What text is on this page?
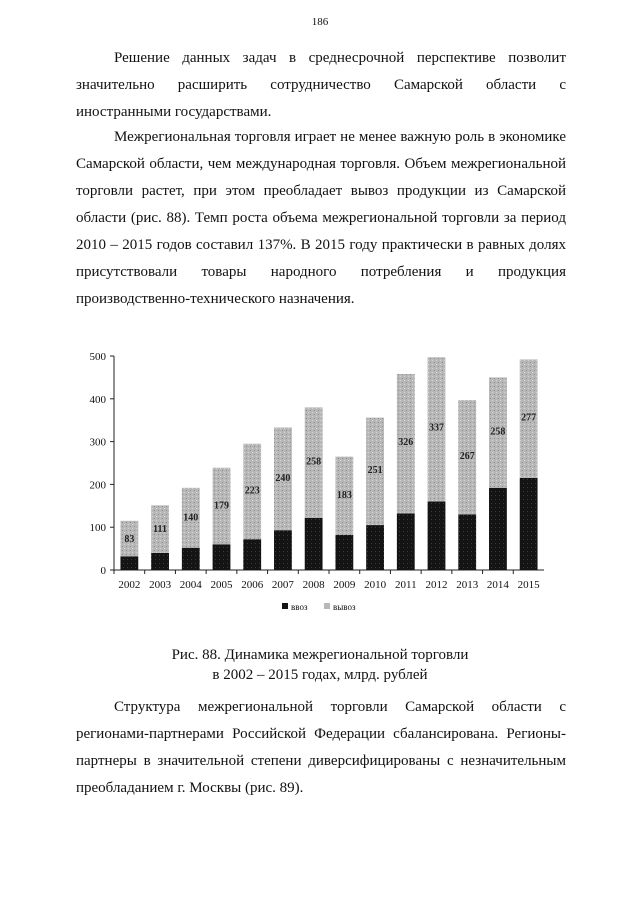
186

Решение данных задач в среднесрочной перспективе позволит значительно расширить сотрудничество Самарской области с иностранными государствами.

Межрегиональная торговля играет не менее важную роль в экономике Самарской области, чем международная торговля. Объем межрегиональной торговли растет, при этом преобладает вывоз продукции из Самарской области (рис. 88). Темп роста объема межрегиональной торговли за период 2010 – 2015 годов составил 137%. В 2015 году практически в равных долях присутствовали товары народного потребления и продукция производственно-технического назначения.

0
100
200
300
400
500
83
2002
111
2003
140
2004
179
2005
223
2006
240
2007
258
2008
183
2009
251
2010
326
2011
337
2012
267
2013
258
2014
277
2015
ввоз	вывоз
Рис. 88. Динамика межрегиональной торговли
в 2002 – 2015 годах, млрд. рублей

Структура межрегиональной торговли Самарской области с регионами-партнерами Российской Федерации сбалансирована. Регионы-партнеры в значительной степени диверсифицированы с незначительным преобладанием г. Москвы (рис. 89).
